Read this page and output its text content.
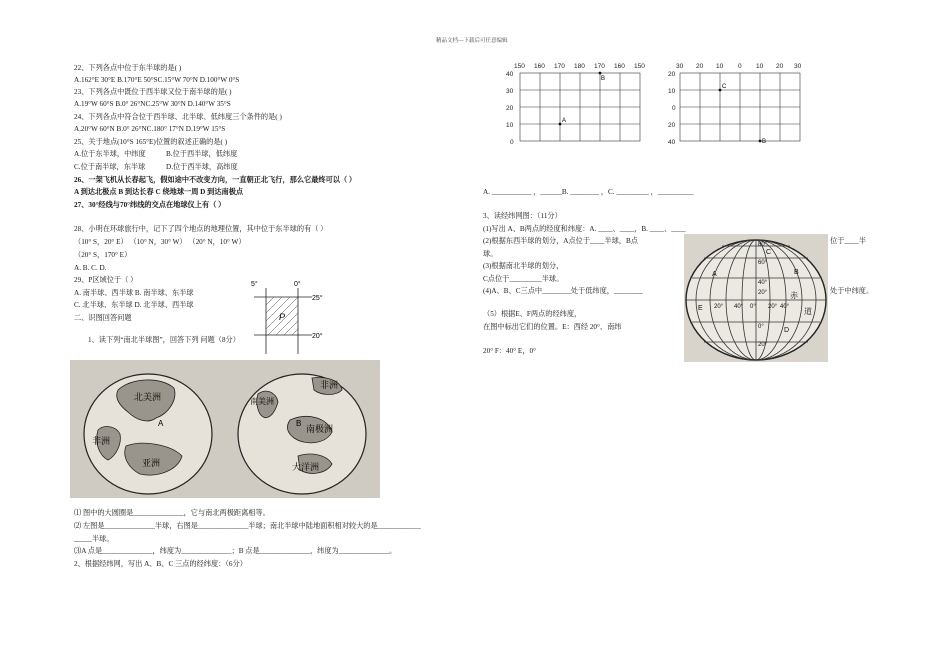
精品文档---下载后可任意编辑
22、下列各点中位于东半球的是( )
A.162°E 30°E B.170°E 50°SC.15°W 70°N D.100°W 0°S
23、下列各点中既位于西半球又位于南半球的是( )
A.19°W 60°S B.0° 26°NC.25°W 30°N D.140°W 35°S
24、下列各点中符合位于西半球、北半球、低纬度三个条件的是( )
A.20°W 60°N B.0° 26°NC.180° 17°N D.19°W 15°S
25、关于地点(10°S 165°E)位置的叙述正确的是( )
A.位于东半球，中纬度	B.位于西半球，低纬度
C.位于南半球，东半球	D.位于西半球，高纬度
26、一架飞机从长春起飞，假如途中不改变方向，一直朝正北飞行，那么它最终可以（ ）
A 到达北极点 B 到达长春 C 绕地球一周 D 到达南极点
27、30°经线与70°纬线的交点在地球仪上有（ ）
28、小明在环球旅行中，记下了四个地点的地理位置，其中位于东半球的有（ ）
（10° S，20° E） （10° N，30° W） （20° N，10° W）
（20° S，170° E）
A. B. C. D.
29、P区域位于（ ）
A. 南半球、西半球 B. 南半球、东半球
C. 北半球、东半球 D. 北半球、西半球
二、识图回答问题
1、读下列“南北半球图”，回答下列 问题（8分）
5°	0°
25°
20°
P
北美洲
非洲
亚洲
A
非洲
南美洲
南极洲
大洋洲
B
⑴ 图中的大圆圈是______________，它与南北两极距离相等。
⑵ 左图是______________半球，右图是______________半球；南北半球中陆地面积相对较大的是____________
_____半球。
⑶A 点是______________，纬度为______________；B 点是______________，纬度为______________。
2、根据经纬网，写出 A、B、C 三点的经纬度：（6分）
150 160 170 180 170 160 150
40
30
20
10
0
A
B
30 20 10 0 10 20 30
20
10
0
20
40
C
B
A. ___________ ，______B. ________ ，C. _________ ，__________
3、读经纬网图：（11分）
(1)写出 A、B两点的经度和纬度：A. ____、____，B. ____、____
(2)根据东西半球的划分，A点位于____半球，B点
球。
位于____半
(3)根据南北半球的划分，
C点位于_________半球。
(4)A、B、C三点中________处于低纬度，________	处于中纬度。
（5）根据E、F两点的经纬度，
在图中标出它们的位置。E：西经 20°、南纬
20° F：40° E，0°
A	B
C
D
E
60°
40°
20°
0°
20°
40°
20°	0°	40°
20°
80°
赤
道
